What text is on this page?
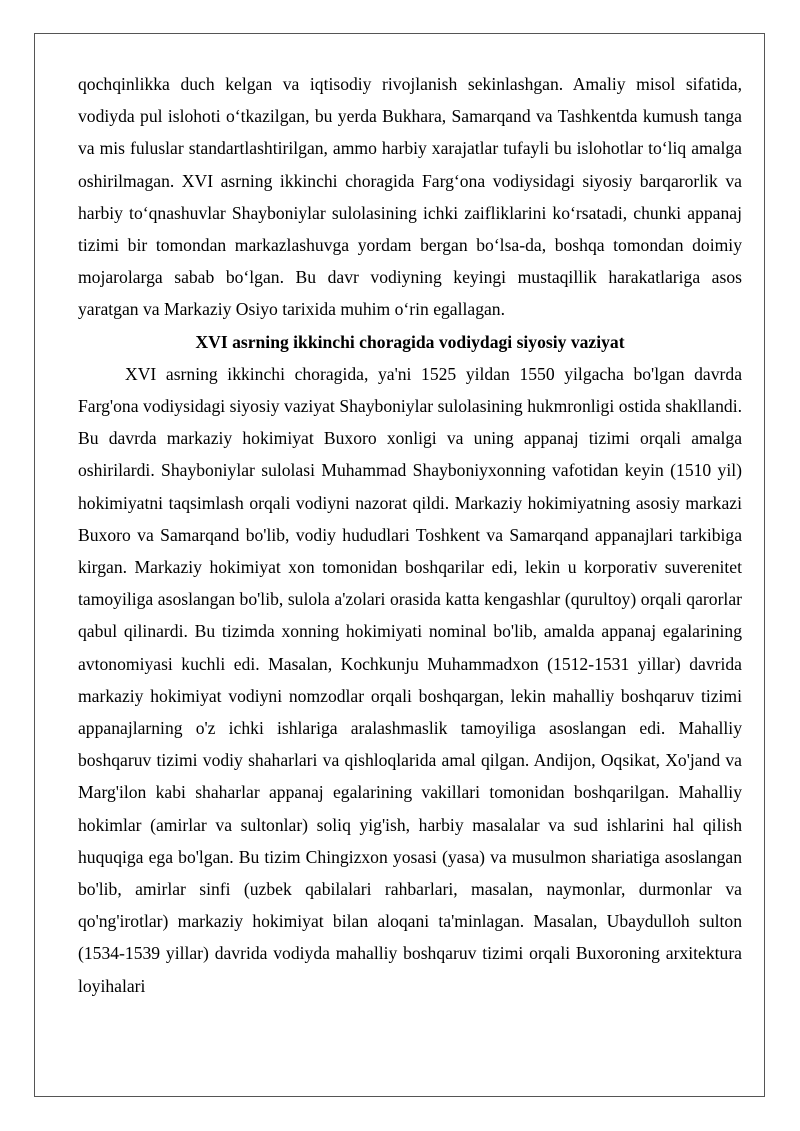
qochqinlikka duch kelgan va iqtisodiy rivojlanish sekinlashgan. Amaliy misol sifatida, vodiyda pul islohoti o‘tkazilgan, bu yerda Bukhara, Samarqand va Tashkentda kumush tanga va mis fuluslar standartlashtirilgan, ammo harbiy xarajatlar tufayli bu islohotlar to‘liq amalga oshirilmagan. XVI asrning ikkinchi choragida Farg‘ona vodiysidagi siyosiy barqarorlik va harbiy to‘qnashuvlar Shayboniylar sulolasining ichki zaifliklarini ko‘rsatadi, chunki appanaj tizimi bir tomondan markazlashuvga yordam bergan bo‘lsa-da, boshqa tomondan doimiy mojarolarga sabab bo‘lgan. Bu davr vodiyning keyingi mustaqillik harakatlariga asos yaratgan va Markaziy Osiyo tarixida muhim o‘rin egallagan.

XVI asrning ikkinchi choragida vodiydagi siyosiy vaziyat

XVI asrning ikkinchi choragida, ya'ni 1525 yildan 1550 yilgacha bo'lgan davrda Farg'ona vodiysidagi siyosiy vaziyat Shayboniylar sulolasining hukmronligi ostida shakllandi. Bu davrda markaziy hokimiyat Buxoro xonligi va uning appanaj tizimi orqali amalga oshirilardi. Shayboniylar sulolasi Muhammad Shayboniyxonning vafotidan keyin (1510 yil) hokimiyatni taqsimlash orqali vodiyni nazorat qildi. Markaziy hokimiyatning asosiy markazi Buxoro va Samarqand bo'lib, vodiy hududlari Toshkent va Samarqand appanajlari tarkibiga kirgan. Markaziy hokimiyat xon tomonidan boshqarilar edi, lekin u korporativ suverenitet tamoyiliga asoslangan bo'lib, sulola a'zolari orasida katta kengashlar (qurultoy) orqali qarorlar qabul qilinardi. Bu tizimda xonning hokimiyati nominal bo'lib, amalda appanaj egalarining avtonomiyasi kuchli edi. Masalan, Kochkunju Muhammadxon (1512-1531 yillar) davrida markaziy hokimiyat vodiyni nomzodlar orqali boshqargan, lekin mahalliy boshqaruv tizimi appanajlarning o'z ichki ishlariga aralashmaslik tamoyiliga asoslangan edi. Mahalliy boshqaruv tizimi vodiy shaharlari va qishloqlarida amal qilgan. Andijon, Oqsikat, Xo'jand va Marg'ilon kabi shaharlar appanaj egalarining vakillari tomonidan boshqarilgan. Mahalliy hokimlar (amirlar va sultonlar) soliq yig'ish, harbiy masalalar va sud ishlarini hal qilish huquqiga ega bo'lgan. Bu tizim Chingizxon yosasi (yasa) va musulmon shariatiga asoslangan bo'lib, amirlar sinfi (uzbek qabilalari rahbarlari, masalan, naymonlar, durmonlar va qo'ng'irotlar) markaziy hokimiyat bilan aloqani ta'minlagan. Masalan, Ubaydulloh sulton (1534-1539 yillar) davrida vodiyda mahalliy boshqaruv tizimi orqali Buxoroning arxitektura loyihalari
